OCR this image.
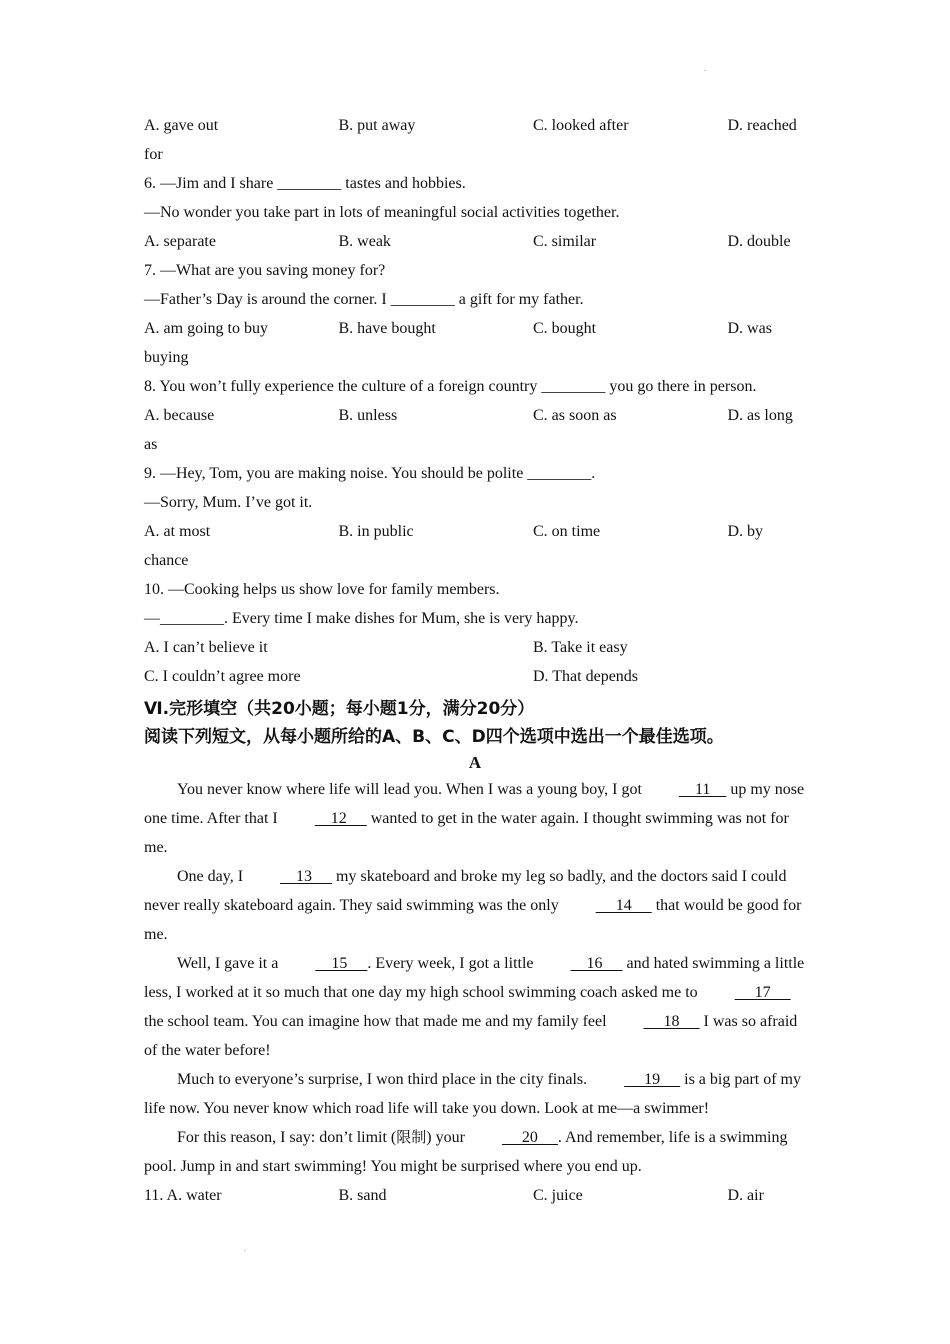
A. gave out	B. put away	C. looked after	D. reached
for
6. —Jim and I share ________ tastes and hobbies.
—No wonder you take part in lots of meaningful social activities together.
A. separate	B. weak	C. similar	D. double
7. —What are you saving money for?
—Father’s Day is around the corner. I ________ a gift for my father.
A. am going to buy	B. have bought	C. bought	D. was
buying
8. You won’t fully experience the culture of a foreign country ________ you go there in person.
A. because	B. unless	C. as soon as	D. as long
as
9. —Hey, Tom, you are making noise. You should be polite ________.
—Sorry, Mum. I’ve got it.
A. at most	B. in public	C. on time	D. by
chance
10. —Cooking helps us show love for family members.
—________. Every time I make dishes for Mum, she is very happy.
A. I can’t believe it	B. Take it easy
C. I couldn’t agree more	D. That depends
Ⅵ.完形填空（共20小题；每小题1分，满分20分）
阅读下列短文，从每小题所给的A、B、C、D四个选项中选出一个最佳选项。
A
You never know where life will lead you. When I was a young boy, I got     11     up my nose one time. After that I     12      wanted to get in the water again. I thought swimming was not for me.
One day, I     13      my skateboard and broke my leg so badly, and the doctors said I could never really skateboard again. They said swimming was the only      14      that would be good for me.
Well, I gave it a     15     . Every week, I got a little     16      and hated swimming a little less, I worked at it so much that one day my high school swimming coach asked me to      17      the school team. You can imagine how that made me and my family feel      18      I was so afraid of the water before!
Much to everyone’s surprise, I won third place in the city finals.      19      is a big part of my life now. You never know which road life will take you down. Look at me—a swimmer!
For this reason, I say: don’t limit (限制) your      20     . And remember, life is a swimming pool. Jump in and start swimming! You might be surprised where you end up.
11. A. water	B. sand	C. juice	D. air
